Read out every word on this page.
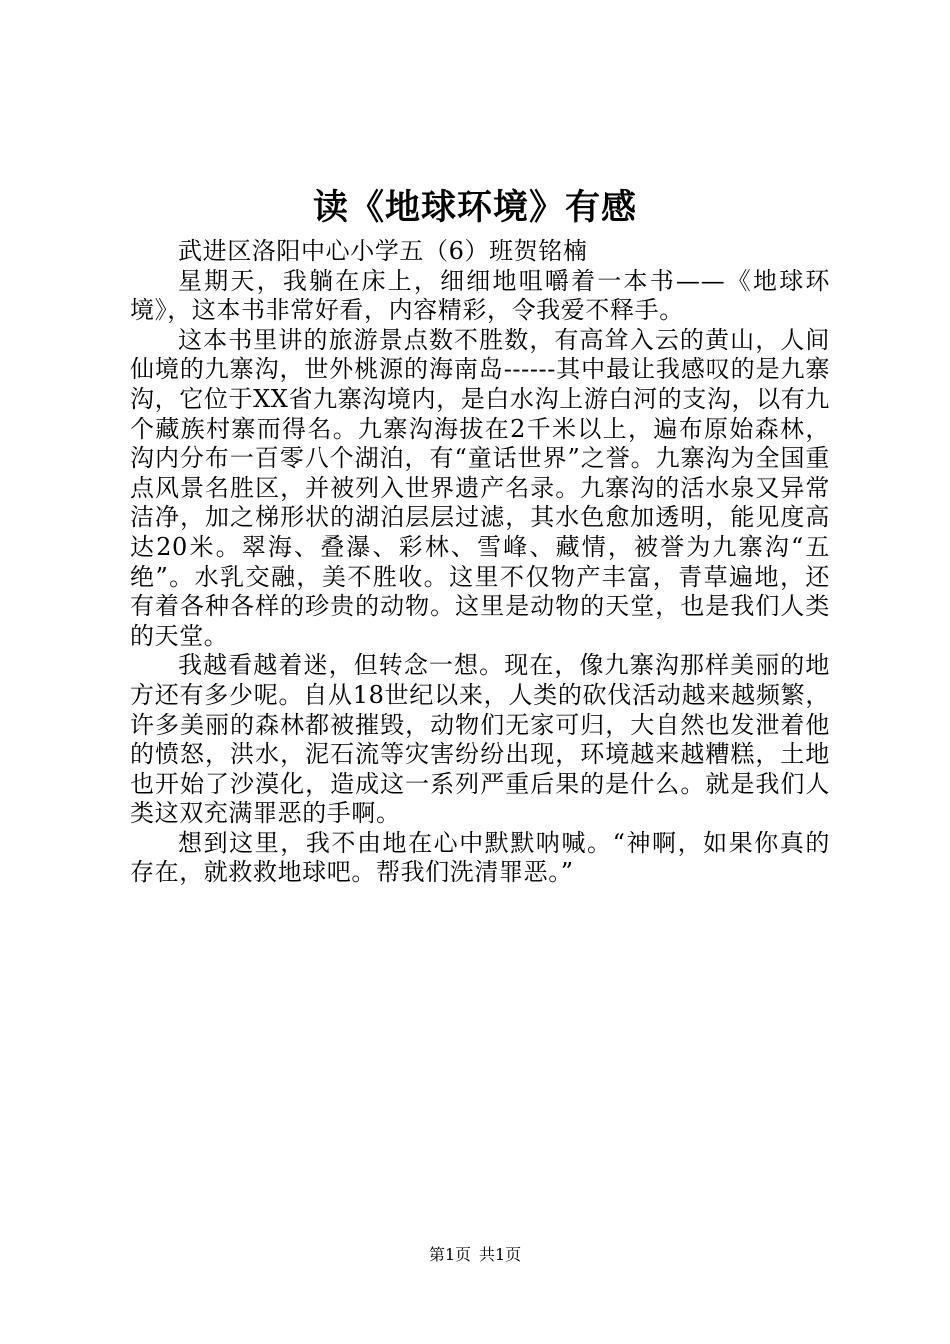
读《地球环境》有感

武进区洛阳中心小学五（6）班贺铭楠

星期天，我躺在床上，细细地咀嚼着一本书——《地球环境》，这本书非常好看，内容精彩，令我爱不释手。

这本书里讲的旅游景点数不胜数，有高耸入云的黄山，人间仙境的九寨沟，世外桃源的海南岛------其中最让我感叹的是九寨沟，它位于XX省九寨沟境内，是白水沟上游白河的支沟，以有九个藏族村寨而得名。九寨沟海拔在2千米以上，遍布原始森林，沟内分布一百零八个湖泊，有“童话世界”之誉。九寨沟为全国重点风景名胜区，并被列入世界遗产名录。九寨沟的活水泉又异常洁净，加之梯形状的湖泊层层过滤，其水色愈加透明，能见度高达20米。翠海、叠瀑、彩林、雪峰、藏情，被誉为九寨沟“五绝”。水乳交融，美不胜收。这里不仅物产丰富，青草遍地，还有着各种各样的珍贵的动物。这里是动物的天堂，也是我们人类的天堂。

我越看越着迷，但转念一想。现在，像九寨沟那样美丽的地方还有多少呢。自从18世纪以来，人类的砍伐活动越来越频繁，许多美丽的森林都被摧毁，动物们无家可归，大自然也发泄着他的愤怒，洪水，泥石流等灾害纷纷出现，环境越来越糟糕，土地也开始了沙漠化，造成这一系列严重后果的是什么。就是我们人类这双充满罪恶的手啊。

想到这里，我不由地在心中默默呐喊。“神啊，如果你真的存在，就救救地球吧。帮我们洗清罪恶。”

第1页 共1页
